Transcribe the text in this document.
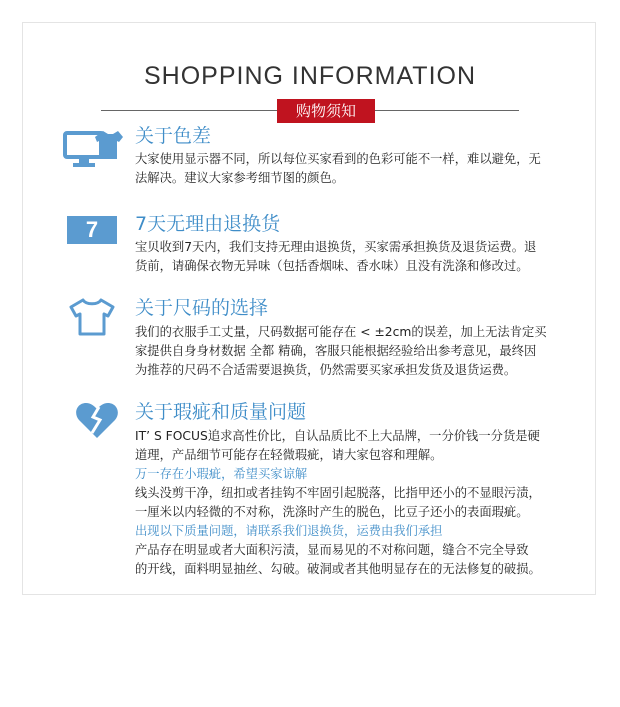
SHOPPING INFORMATION
购物须知
关于色差

大家使用显示器不同，所以每位买家看到的色彩可能不一样，难以避免，无

法解决。建议大家参考细节图的颜色。

7	7天无理由退换货

宝贝收到7天内，我们支持无理由退换货，买家需承担换货及退货运费。退

货前，请确保衣物无异味（包括香烟味、香水味）且没有洗涤和修改过。

关于尺码的选择

我们的衣服手工丈量，尺码数据可能存在 < ±2cm的误差，加上无法肯定买

家提供自身身材数据 全都 精确，客服只能根据经验给出参考意见，最终因

为推荐的尺码不合适需要退换货，仍然需要买家承担发货及退货运费。

关于瑕疵和质量问题

IT’ S FOCUS追求高性价比，自认品质比不上大品牌，一分价钱一分货是硬

道理，产品细节可能存在轻微瑕疵，请大家包容和理解。

万一存在小瑕疵，希望买家谅解

线头没剪干净，纽扣或者挂钩不牢固引起脱落，比指甲还小的不显眼污渍，

一厘米以内轻微的不对称，洗涤时产生的脱色，比豆子还小的表面瑕疵。

出现以下质量问题，请联系我们退换货，运费由我们承担

产品存在明显或者大面积污渍，显而易见的不对称问题，缝合不完全导致

的开线，面料明显抽丝、勾破。破洞或者其他明显存在的无法修复的破损。
